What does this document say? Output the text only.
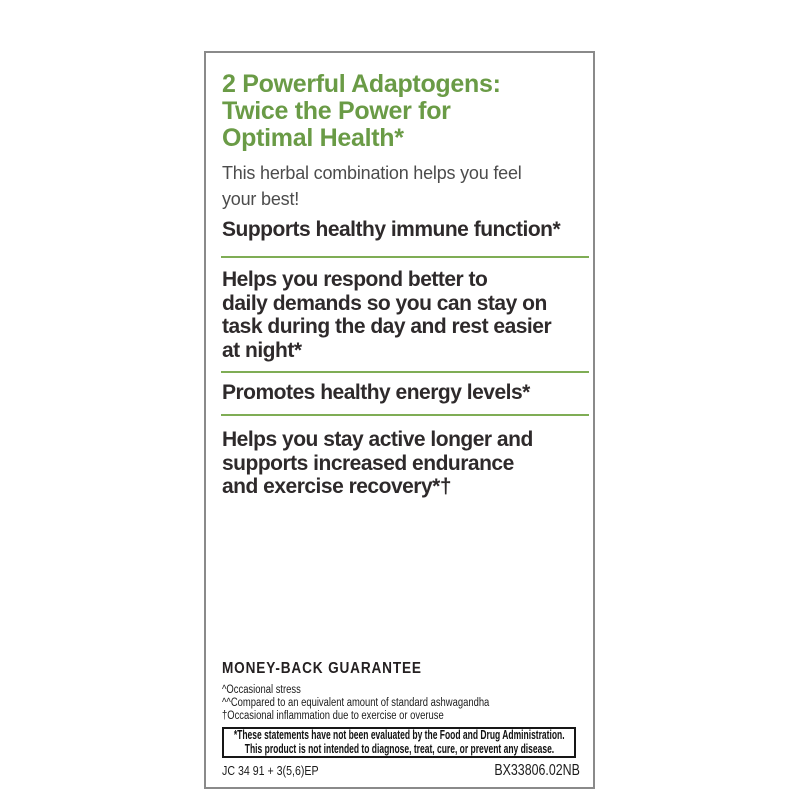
2 Powerful Adaptogens:
Twice the Power for
Optimal Health*
This herbal combination helps you feel
your best!
Supports healthy immune function*
Helps you respond better to
daily demands so you can stay on
task during the day and rest easier
at night*
Promotes healthy energy levels*
Helps you stay active longer and
supports increased endurance
and exercise recovery*†
MONEY-BACK GUARANTEE
^Occasional stress
^^Compared to an equivalent amount of standard ashwagandha
†Occasional inflammation due to exercise or overuse
*These statements have not been evaluated by the Food and Drug Administration.
This product is not intended to diagnose, treat, cure, or prevent any disease.
JC 34 91 + 3(5,6)EP	BX33806.02NB
